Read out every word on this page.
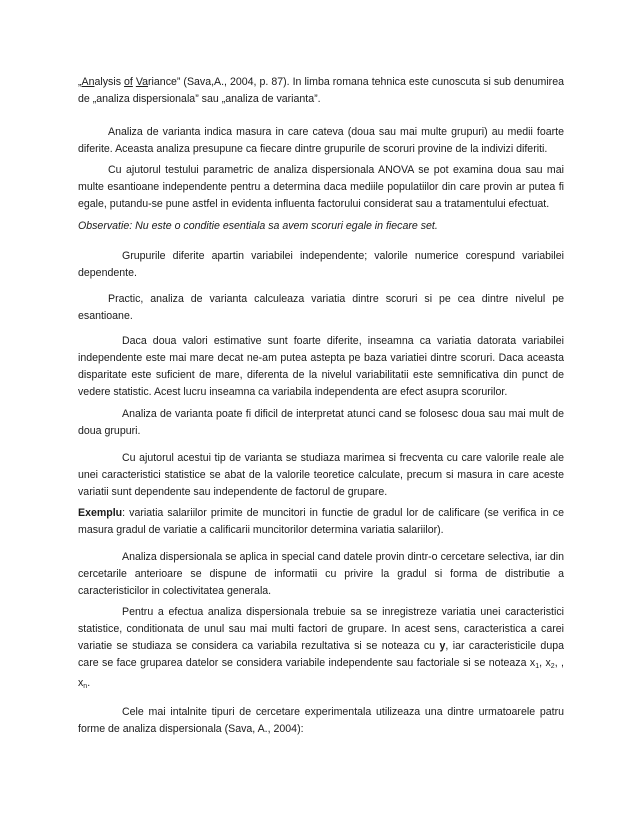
„Analysis of Variance” (Sava,A., 2004, p. 87). In limba romana tehnica este cunoscuta si sub denumirea de „analiza dispersionala” sau „analiza de varianta”.

Analiza de varianta indica masura in care cateva (doua sau mai multe grupuri) au medii foarte diferite. Aceasta analiza presupune ca fiecare dintre grupurile de scoruri provine de la indivizi diferiti.

Cu ajutorul testului parametric de analiza dispersionala ANOVA se pot examina doua sau mai multe esantioane independente pentru a determina daca mediile populatiilor din care provin ar putea fi egale, putandu-se pune astfel in evidenta influenta factorului considerat sau a tratamentului efectuat.

Observatie: Nu este o conditie esentiala sa avem scoruri egale in fiecare set.

Grupurile diferite apartin variabilei independente; valorile numerice corespund variabilei dependente.

Practic, analiza de varianta calculeaza variatia dintre scoruri si pe cea dintre nivelul pe esantioane.

Daca doua valori estimative sunt foarte diferite, inseamna ca variatia datorata variabilei independente este mai mare decat ne-am putea astepta pe baza variatiei dintre scoruri. Daca aceasta disparitate este suficient de mare, diferenta de la nivelul variabilitatii este semnificativa din punct de vedere statistic. Acest lucru inseamna ca variabila independenta are efect asupra scorurilor.

Analiza de varianta poate fi dificil de interpretat atunci cand se folosesc doua sau mai mult de doua grupuri.

Cu ajutorul acestui tip de varianta se studiaza marimea si frecventa cu care valorile reale ale unei caracteristici statistice se abat de la valorile teoretice calculate, precum si masura in care aceste variatii sunt dependente sau independente de factorul de grupare.

Exemplu: variatia salariilor primite de muncitori in functie de gradul lor de calificare (se verifica in ce masura gradul de variatie a calificarii muncitorilor determina variatia salariilor).

Analiza dispersionala se aplica in special cand datele provin dintr-o cercetare selectiva, iar din cercetarile anterioare se dispune de informatii cu privire la gradul si forma de distributie a caracteristicilor in colectivitatea generala.

Pentru a efectua analiza dispersionala trebuie sa se inregistreze variatia unei caracteristici statistice, conditionata de unul sau mai multi factori de grupare. In acest sens, caracteristica a carei variatie se studiaza se considera ca variabila rezultativa si se noteaza cu y, iar caracteristicile dupa care se face gruparea datelor se considera variabile independente sau factoriale si se noteaza $x_1$, $x_2$, , $x_n$.

Cele mai intalnite tipuri de cercetare experimentala utilizeaza una dintre urmatoarele patru forme de analiza dispersionala (Sava, A., 2004):
